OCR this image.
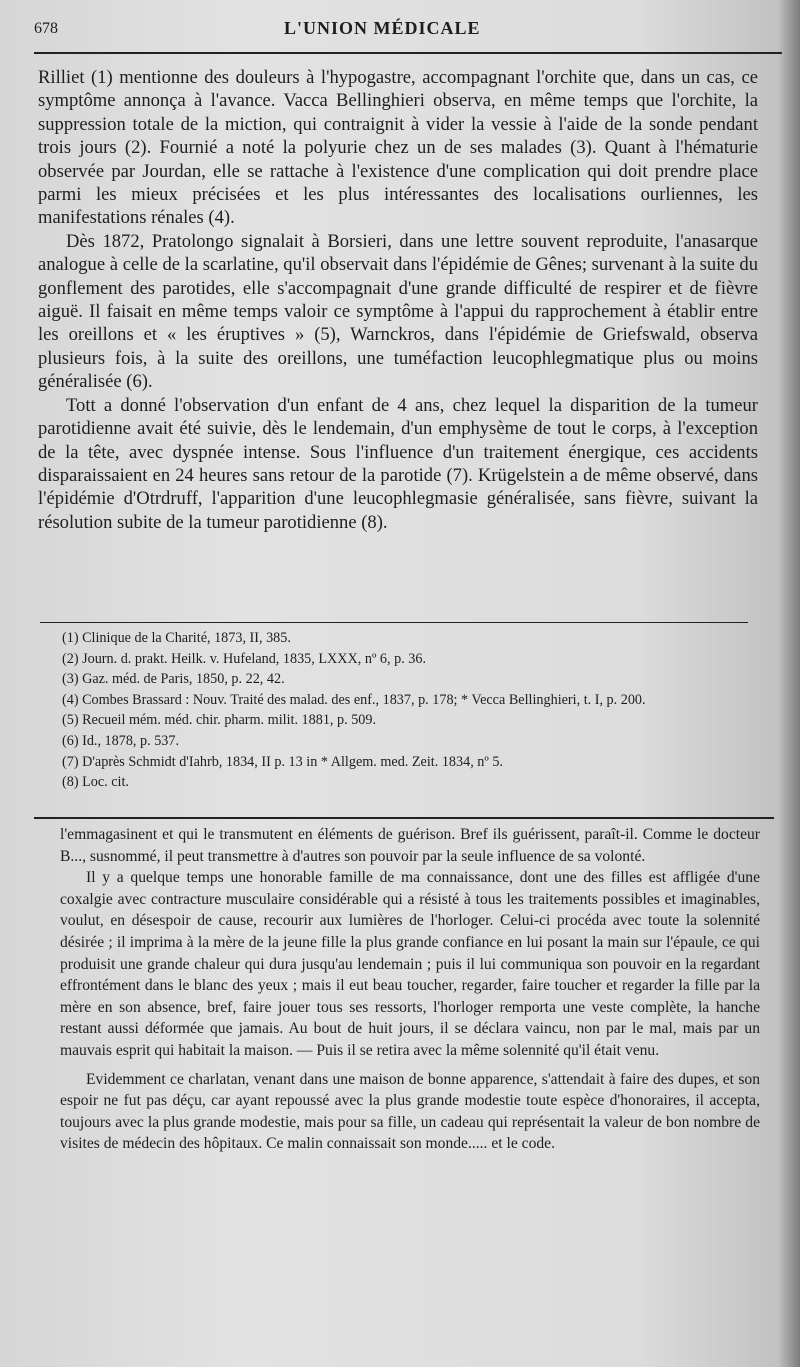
678	L'UNION MÉDICALE

Rilliet (1) mentionne des douleurs à l'hypogastre, accompagnant l'orchite que, dans un cas, ce symptôme annonça à l'avance. Vacca Bellinghieri observa, en même temps que l'orchite, la suppression totale de la miction, qui contraignit à vider la vessie à l'aide de la sonde pendant trois jours (2). Fournié a noté la polyurie chez un de ses malades (3). Quant à l'hématurie observée par Jourdan, elle se rattache à l'existence d'une complication qui doit prendre place parmi les mieux précisées et les plus intéressantes des localisations ourliennes, les manifestations rénales (4).

Dès 1872, Pratolongo signalait à Borsieri, dans une lettre souvent reproduite, l'anasarque analogue à celle de la scarlatine, qu'il observait dans l'épidémie de Gênes; survenant à la suite du gonflement des parotides, elle s'accompagnait d'une grande difficulté de respirer et de fièvre aiguë. Il faisait en même temps valoir ce symptôme à l'appui du rapprochement à établir entre les oreillons et « les éruptives » (5), Warnckros, dans l'épidémie de Griefswald, observa plusieurs fois, à la suite des oreillons, une tuméfaction leucophlegmatique plus ou moins généralisée (6).

Tott a donné l'observation d'un enfant de 4 ans, chez lequel la disparition de la tumeur parotidienne avait été suivie, dès le lendemain, d'un emphysème de tout le corps, à l'exception de la tête, avec dyspnée intense. Sous l'influence d'un traitement énergique, ces accidents disparaissaient en 24 heures sans retour de la parotide (7). Krügelstein a de même observé, dans l'épidémie d'Otrdruff, l'apparition d'une leucophlegmasie généralisée, sans fièvre, suivant la résolution subite de la tumeur parotidienne (8).

(1) Clinique de la Charité, 1873, II, 385.
(2) Journ. d. prakt. Heilk. v. Hufeland, 1835, LXXX, nº 6, p. 36.
(3) Gaz. méd. de Paris, 1850, p. 22, 42.
(4) Combes Brassard : Nouv. Traité des malad. des enf., 1837, p. 178; * Vecca Bellinghieri, t. I, p. 200.
(5) Recueil mém. méd. chir. pharm. milit. 1881, p. 509.
(6) Id., 1878, p. 537.
(7) D'après Schmidt d'Iahrb, 1834, II p. 13 in * Allgem. med. Zeit. 1834, nº 5.
(8) Loc. cit.

l'emmagasinent et qui le transmutent en éléments de guérison. Bref ils guérissent, paraît-il. Comme le docteur B..., susnommé, il peut transmettre à d'autres son pouvoir par la seule influence de sa volonté.

Il y a quelque temps une honorable famille de ma connaissance, dont une des filles est affligée d'une coxalgie avec contracture musculaire considérable qui a résisté à tous les traitements possibles et imaginables, voulut, en désespoir de cause, recourir aux lumières de l'horloger. Celui-ci procéda avec toute la solennité désirée ; il imprima à la mère de la jeune fille la plus grande confiance en lui posant la main sur l'épaule, ce qui produisit une grande chaleur qui dura jusqu'au lendemain ; puis il lui communiqua son pouvoir en la regardant effrontément dans le blanc des yeux ; mais il eut beau toucher, regarder, faire toucher et regarder la fille par la mère en son absence, bref, faire jouer tous ses ressorts, l'horloger remporta une veste complète, la hanche restant aussi déformée que jamais. Au bout de huit jours, il se déclara vaincu, non par le mal, mais par un mauvais esprit qui habitait la maison. — Puis il se retira avec la même solennité qu'il était venu.

Evidemment ce charlatan, venant dans une maison de bonne apparence, s'attendait à faire des dupes, et son espoir ne fut pas déçu, car ayant repoussé avec la plus grande modestie toute espèce d'honoraires, il accepta, toujours avec la plus grande modestie, mais pour sa fille, un cadeau qui représentait la valeur de bon nombre de visites de médecin des hôpitaux. Ce malin connaissait son monde..... et le code.
